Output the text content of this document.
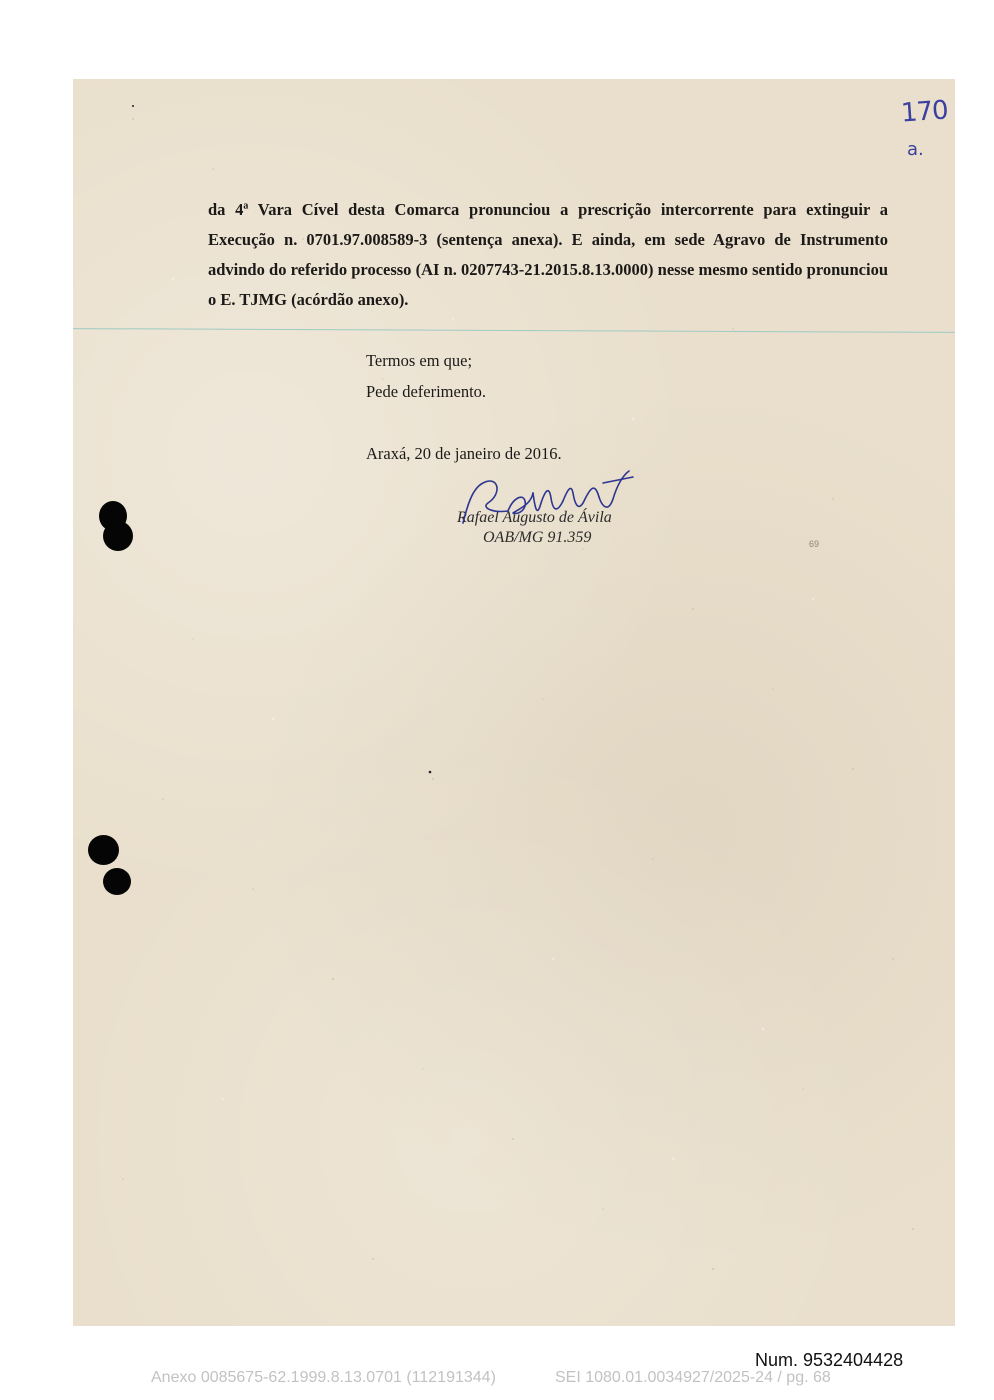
170
a.
da 4ª Vara Cível desta Comarca pronunciou a prescrição intercorrente para extinguir a Execução n. 0701.97.008589-3 (sentença anexa). E ainda, em sede Agravo de Instrumento advindo do referido processo (AI n. 0207743-21.2015.8.13.0000) nesse mesmo sentido pronunciou o E. TJMG (acórdão anexo).
Termos em que;
Pede deferimento.
Araxá, 20 de janeiro de 2016.
Rafael Augusto de Ávila
OAB/MG 91.359	69
Num. 9532404428
Anexo 0085675-62.1999.8.13.0701 (112191344)	SEI 1080.01.0034927/2025-24 / pg. 68
